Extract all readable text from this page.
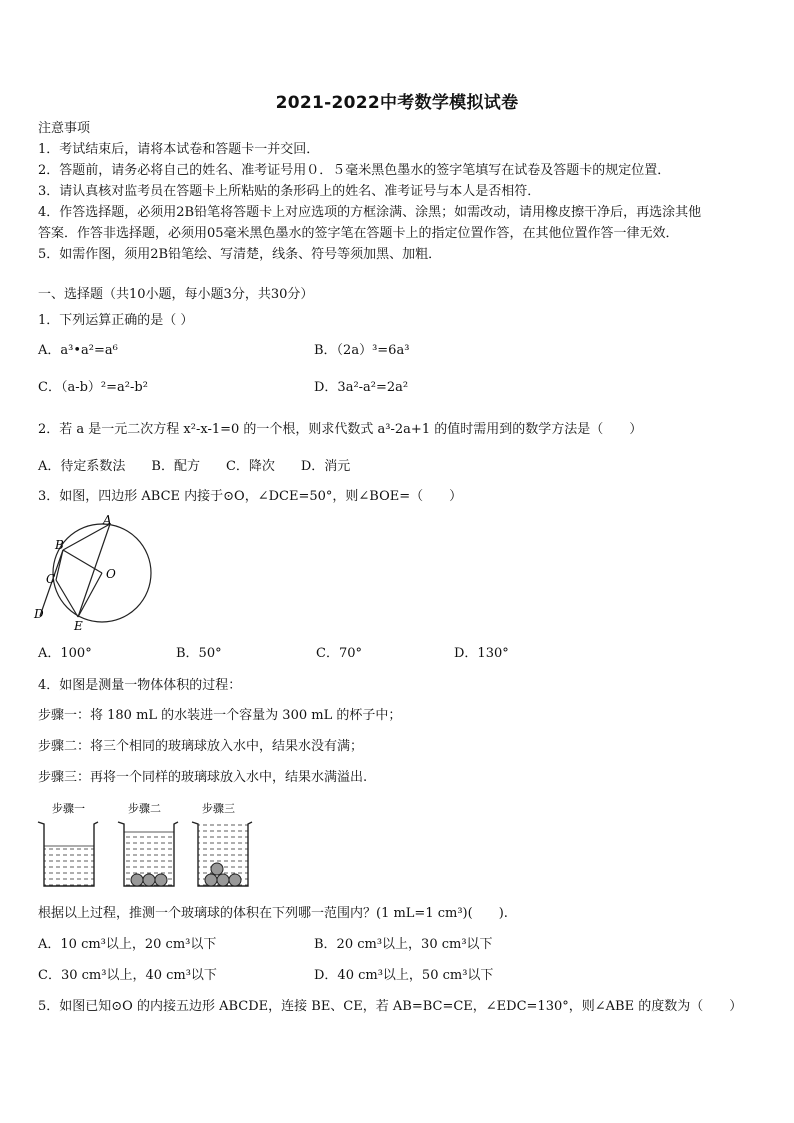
2021-2022中考数学模拟试卷
注意事项
1．考试结束后，请将本试卷和答题卡一并交回．
2．答题前，请务必将自己的姓名、准考证号用０．５毫米黑色墨水的签字笔填写在试卷及答题卡的规定位置．
3．请认真核对监考员在答题卡上所粘贴的条形码上的姓名、准考证号与本人是否相符．
4．作答选择题，必须用2B铅笔将答题卡上对应选项的方框涂满、涂黑；如需改动，请用橡皮擦干净后，再选涂其他
答案．作答非选择题，必须用05毫米黑色墨水的签字笔在答题卡上的指定位置作答，在其他位置作答一律无效．
5．如需作图，须用2B铅笔绘、写清楚，线条、符号等须加黑、加粗．
一、选择题（共10小题，每小题3分，共30分）
1．下列运算正确的是（ ）
A．a³•a²=a⁶	B．（2a）³=6a³
C．（a-b）²=a²-b²	D．3a²-a²=2a²
2．若 a 是一元二次方程 x²-x-1=0 的一个根，则求代数式 a³-2a+1 的值时需用到的数学方法是（　　）
A．待定系数法　　B．配方　　C．降次　　D．消元
3．如图，四边形 ABCE 内接于⊙O，∠DCE=50°，则∠BOE=（　　）
A
B
C
D
E
O
A．100°	B．50°	C．70°	D．130°
4．如图是测量一物体体积的过程：
步骤一：将 180 mL 的水装进一个容量为 300 mL 的杯子中；
步骤二：将三个相同的玻璃球放入水中，结果水没有满；
步骤三：再将一个同样的玻璃球放入水中，结果水满溢出.
步骤一	步骤二	步骤三
根据以上过程，推测一个玻璃球的体积在下列哪一范围内？(1 mL=1 cm³)(　　).
A．10 cm³以上，20 cm³以下	B．20 cm³以上，30 cm³以下
C．30 cm³以上，40 cm³以下	D．40 cm³以上，50 cm³以下
5．如图已知⊙O 的内接五边形 ABCDE，连接 BE、CE，若 AB=BC=CE，∠EDC=130°，则∠ABE 的度数为（　　）
